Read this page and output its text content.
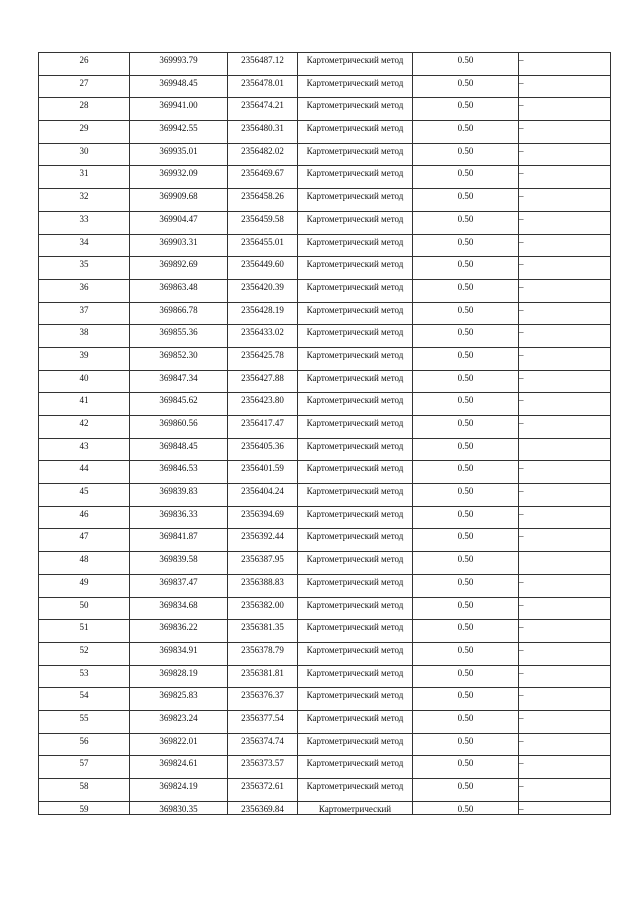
26	369993.79	2356487.12	Картометрический метод	0.50	–

27	369948.45	2356478.01	Картометрический метод	0.50	–

28	369941.00	2356474.21	Картометрический метод	0.50	–

29	369942.55	2356480.31	Картометрический метод	0.50	–

30	369935.01	2356482.02	Картометрический метод	0.50	–

31	369932.09	2356469.67	Картометрический метод	0.50	–

32	369909.68	2356458.26	Картометрический метод	0.50	–

33	369904.47	2356459.58	Картометрический метод	0.50	–

34	369903.31	2356455.01	Картометрический метод	0.50	–

35	369892.69	2356449.60	Картометрический метод	0.50	–

36	369863.48	2356420.39	Картометрический метод	0.50	–

37	369866.78	2356428.19	Картометрический метод	0.50	–

38	369855.36	2356433.02	Картометрический метод	0.50	–

39	369852.30	2356425.78	Картометрический метод	0.50	–

40	369847.34	2356427.88	Картометрический метод	0.50	–

41	369845.62	2356423.80	Картометрический метод	0.50	–

42	369860.56	2356417.47	Картометрический метод	0.50	–

43	369848.45	2356405.36	Картометрический метод	0.50	

44	369846.53	2356401.59	Картометрический метод	0.50	–

45	369839.83	2356404.24	Картометрический метод	0.50	–

46	369836.33	2356394.69	Картометрический метод	0.50	–

47	369841.87	2356392.44	Картометрический метод	0.50	–

48	369839.58	2356387.95	Картометрический метод	0.50	

49	369837.47	2356388.83	Картометрический метод	0.50	–

50	369834.68	2356382.00	Картометрический метод	0.50	–

51	369836.22	2356381.35	Картометрический метод	0.50	–

52	369834.91	2356378.79	Картометрический метод	0.50	–

53	369828.19	2356381.81	Картометрический метод	0.50	–

54	369825.83	2356376.37	Картометрический метод	0.50	–

55	369823.24	2356377.54	Картометрический метод	0.50	–

56	369822.01	2356374.74	Картометрический метод	0.50	–

57	369824.61	2356373.57	Картометрический метод	0.50	–

58	369824.19	2356372.61	Картометрический метод	0.50	–

59	369830.35	2356369.84	Картометрический	0.50	–
